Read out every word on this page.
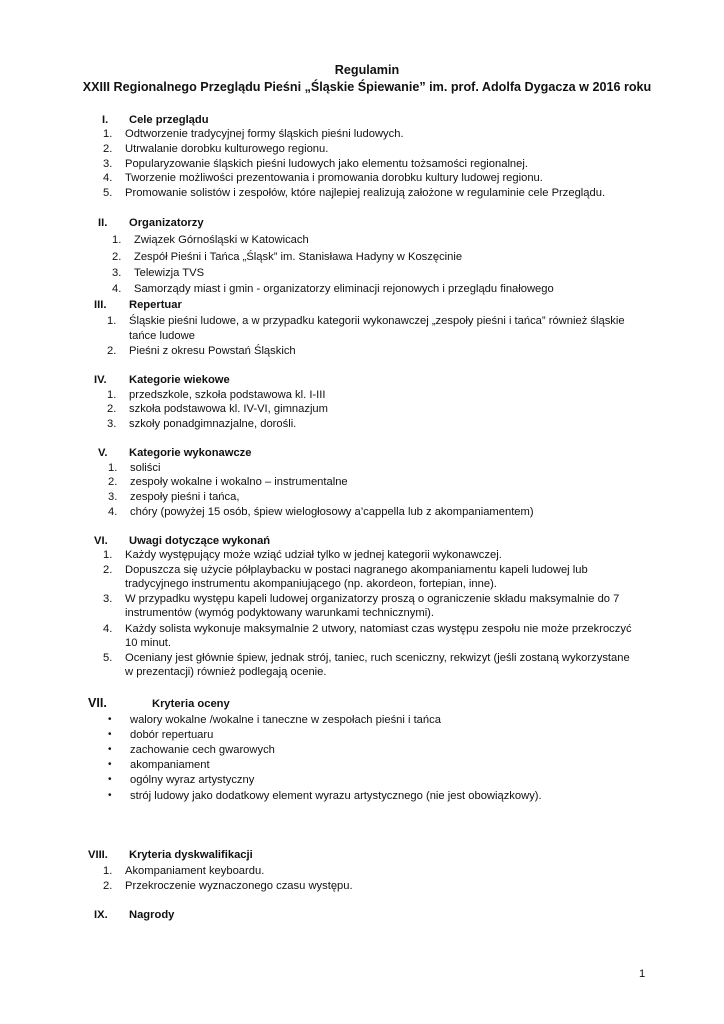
Regulamin
XXIII Regionalnego Przeglądu Pieśni „Śląskie Śpiewanie” im. prof. Adolfa Dygacza w 2016 roku
I. Cele przeglądu
1. Odtworzenie tradycyjnej formy śląskich pieśni ludowych.
2. Utrwalanie dorobku kulturowego regionu.
3. Popularyzowanie śląskich pieśni ludowych jako elementu tożsamości regionalnej.
4. Tworzenie możliwości prezentowania i promowania dorobku kultury ludowej regionu.
5. Promowanie solistów i zespołów, które najlepiej realizują założone w regulaminie cele Przeglądu.
II. Organizatorzy
1. Związek Górnośląski w Katowicach
2. Zespół Pieśni i Tańca „Śląsk” im. Stanisława Hadyny w Koszęcinie
3. Telewizja TVS
4. Samorządy miast i gmin - organizatorzy eliminacji rejonowych i przeglądu finałowego
III. Repertuar
1. Śląskie pieśni ludowe, a w przypadku kategorii wykonawczej „zespoły pieśni i tańca” również śląskie
tańce ludowe
2. Pieśni z okresu Powstań Śląskich
IV. Kategorie wiekowe
1. przedszkole, szkoła podstawowa kl. I-III
2. szkoła podstawowa kl. IV-VI, gimnazjum
3. szkoły ponadgimnazjalne, dorośli.
V. Kategorie wykonawcze
1. soliści
2. zespoły wokalne i wokalno – instrumentalne
3. zespoły pieśni i tańca,
4. chóry (powyżej 15 osób, śpiew wielogłosowy a’cappella lub z akompaniamentem)
VI. Uwagi dotyczące wykonań
1. Każdy występujący może wziąć udział tylko w jednej kategorii wykonawczej.
2. Dopuszcza się użycie półplaybacku w postaci nagranego akompaniamentu kapeli ludowej lub
tradycyjnego instrumentu akompaniującego (np. akordeon, fortepian, inne).
3. W przypadku występu kapeli ludowej organizatorzy proszą o ograniczenie składu maksymalnie do 7
instrumentów (wymóg podyktowany warunkami technicznymi).
4. Każdy solista wykonuje maksymalnie 2 utwory, natomiast czas występu zespołu nie może przekroczyć
10 minut.
5. Oceniany jest głównie śpiew, jednak strój, taniec, ruch sceniczny, rekwizyt (jeśli zostaną wykorzystane
w prezentacji) również podlegają ocenie.
VII.	Kryteria oceny
• walory wokalne /wokalne i taneczne w zespołach pieśni i tańca
• dobór repertuaru
• zachowanie cech gwarowych
• akompaniament
• ogólny wyraz artystyczny
• strój ludowy jako dodatkowy element wyrazu artystycznego (nie jest obowiązkowy).
VIII. Kryteria dyskwalifikacji
1. Akompaniament keyboardu.
2. Przekroczenie wyznaczonego czasu występu.
IX. Nagrody
1
